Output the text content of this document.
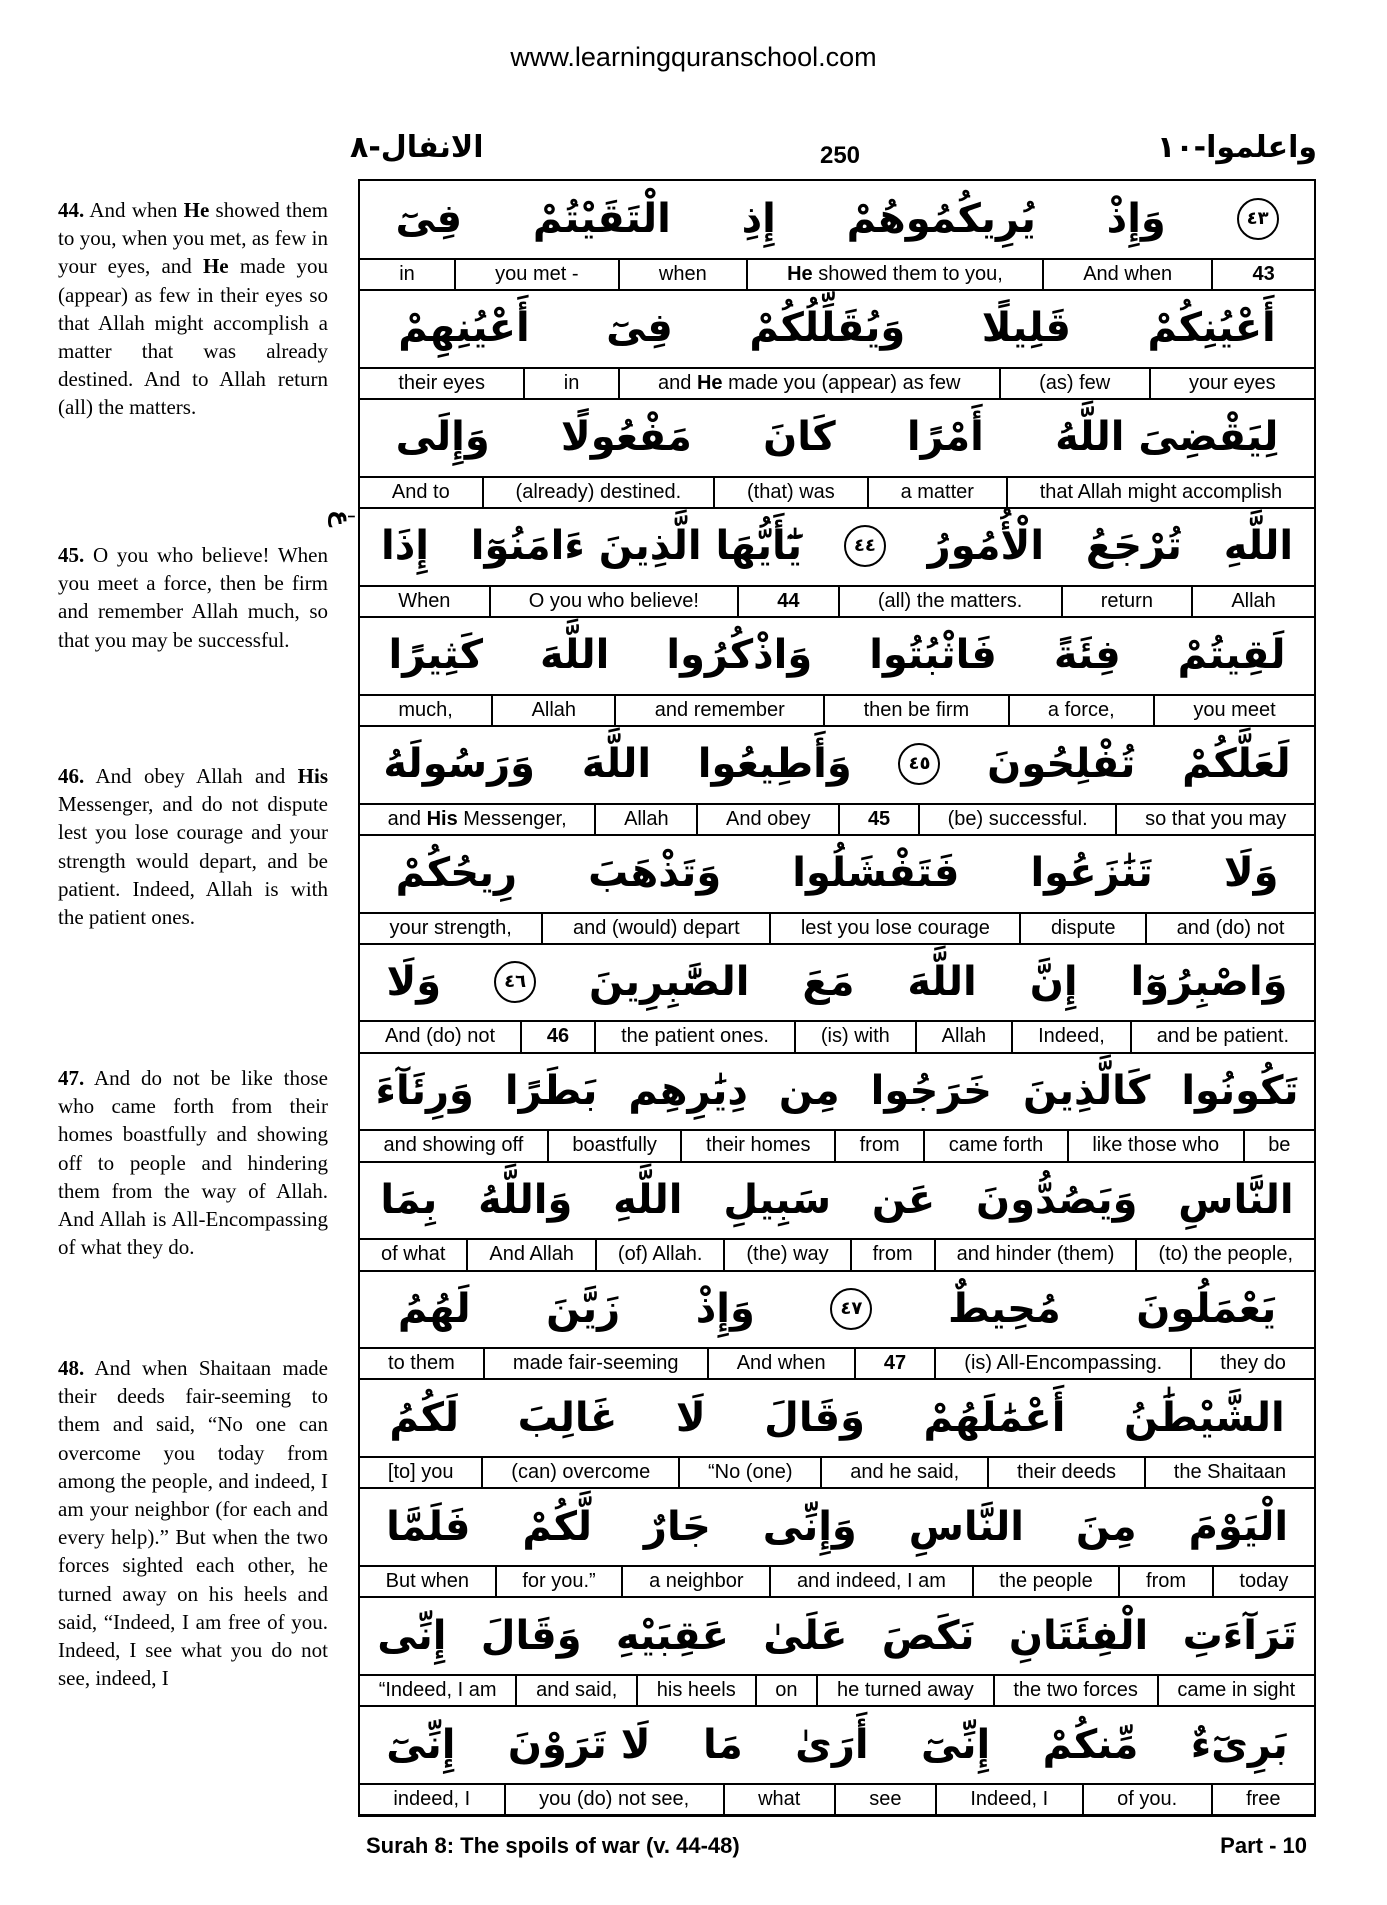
www.learningquranschool.com
واعلموا-١٠
250
الانفال-٨
عٰ
44. And when He showed them to you, when you met, as few in your eyes, and He made you (appear) as few in their eyes so that Allah might accomplish a matter that was already destined. And to Allah return (all) the matters.
45. O you who believe! When you meet a force, then be firm and remember Allah much, so that you may be successful.
46. And obey Allah and His Messenger, and do not dispute lest you lose courage and your strength would depart, and be patient. Indeed, Allah is with the patient ones.
47. And do not be like those who came forth from their homes boastfully and showing off to people and hindering them from the way of Allah. And Allah is All-Encompassing of what they do.
48. And when Shaitaan made their deeds fair-seeming to them and said, “No one can overcome you today from among the people, and indeed, I am your neighbor (for each and every help).” But when the two forces sighted each other, he turned away on his heels and said, “Indeed, I am free of you. Indeed, I see what you do not see, indeed, I
٤٣
وَإِذْ
يُرِيكُمُوهُمْ
إِذِ
الْتَقَيْتُمْ
فِىٓ
43
And when
He showed them to you,
when
you met -
in
أَعْيُنِكُمْ
قَلِيلًا
وَيُقَلِّلُكُمْ
فِىٓ
أَعْيُنِهِمْ
your eyes
(as) few
and He made you (appear) as few
in
their eyes
لِيَقْضِىَ اللَّهُ
أَمْرًا
كَانَ
مَفْعُولًا
وَإِلَى
that Allah might accomplish
a matter
(that) was
(already) destined.
And to
اللَّهِ
تُرْجَعُ
الْأُمُورُ
٤٤
يَٰٓأَيُّهَا الَّذِينَ ءَامَنُوٓا
إِذَا
Allah
return
(all) the matters.
44
O you who believe!
When
لَقِيتُمْ
فِئَةً
فَاثْبُتُوا
وَاذْكُرُوا
اللَّهَ
كَثِيرًا
you meet
a force,
then be firm
and remember
Allah
much,
لَعَلَّكُمْ
تُفْلِحُونَ
٤٥
وَأَطِيعُوا
اللَّهَ
وَرَسُولَهُ
so that you may
(be) successful.
45
And obey
Allah
and His Messenger,
وَلَا
تَنَٰزَعُوا
فَتَفْشَلُوا
وَتَذْهَبَ
رِيحُكُمْ
and (do) not
dispute
lest you lose courage
and (would) depart
your strength,
وَاصْبِرُوٓا
إِنَّ
اللَّهَ
مَعَ
الصَّٰبِرِينَ
٤٦
وَلَا
and be patient.
Indeed,
Allah
(is) with
the patient ones.
46
And (do) not
تَكُونُوا
كَالَّذِينَ
خَرَجُوا
مِن
دِيَٰرِهِم
بَطَرًا
وَرِئَآءَ
be
like those who
came forth
from
their homes
boastfully
and showing off
النَّاسِ
وَيَصُدُّونَ
عَن
سَبِيلِ
اللَّهِ
وَاللَّهُ
بِمَا
(to) the people,
and hinder (them)
from
(the) way
(of) Allah.
And Allah
of what
يَعْمَلُونَ
مُحِيطٌ
٤٧
وَإِذْ
زَيَّنَ
لَهُمُ
they do
(is) All-Encompassing.
47
And when
made fair-seeming
to them
الشَّيْطَٰنُ
أَعْمَٰلَهُمْ
وَقَالَ
لَا
غَالِبَ
لَكُمُ
the Shaitaan
their deeds
and he said,
“No (one)
(can) overcome
[to] you
الْيَوْمَ
مِنَ
النَّاسِ
وَإِنِّى
جَارٌ
لَّكُمْ
فَلَمَّا
today
from
the people
and indeed, I am
a neighbor
for you.”
But when
تَرَآءَتِ
الْفِئَتَانِ
نَكَصَ
عَلَىٰ
عَقِبَيْهِ
وَقَالَ
إِنِّى
came in sight
the two forces
he turned away
on
his heels
and said,
“Indeed, I am
بَرِىٓءٌ
مِّنكُمْ
إِنِّىٓ
أَرَىٰ
مَا
لَا تَرَوْنَ
إِنِّىٓ
free
of you.
Indeed, I
see
what
you (do) not see,
indeed, I
Surah 8: The spoils of war (v. 44-48)	Part - 10
